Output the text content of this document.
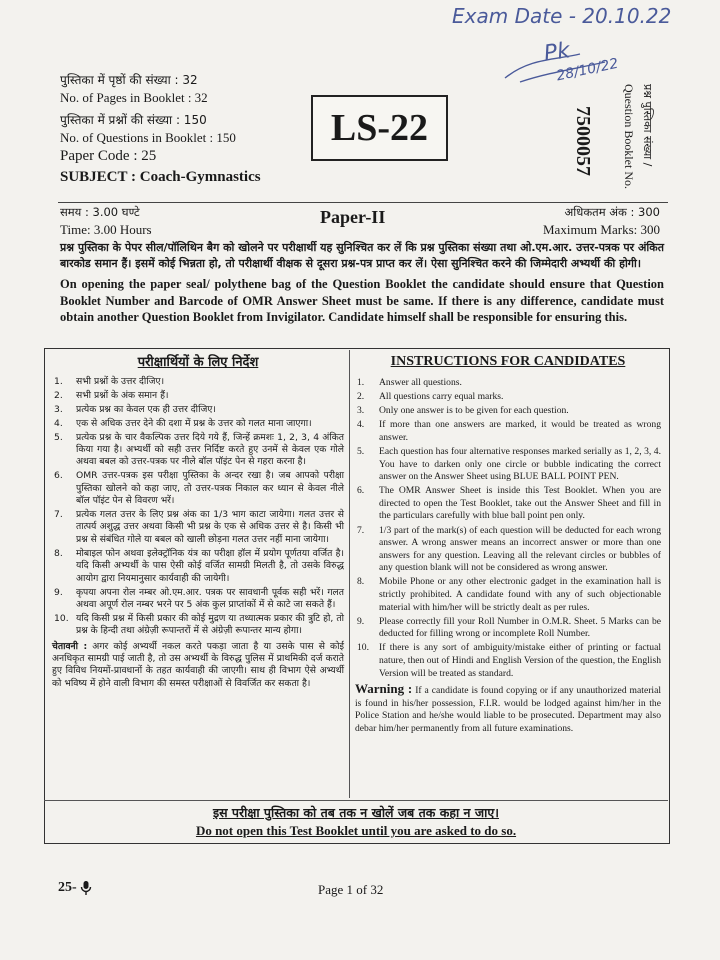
Exam Date - 20.10.22
Pk
28/10/22
पुस्तिका में पृष्ठों की संख्या : 32
No. of Pages in Booklet : 32
पुस्तिका में प्रश्नों की संख्या : 150
No. of Questions in Booklet : 150
Paper Code : 25
SUBJECT : Coach-Gymnastics
LS-22	7500057	प्रश्न पुस्तिका संख्या /
Question Booklet No.
समय : 3.00 घण्टे
Time: 3.00 Hours
Paper-II	अधिकतम अंक : 300
Maximum Marks: 300
प्रश्न पुस्तिका के पेपर सील/पॉलिथिन बैग को खोलने पर परीक्षार्थी यह सुनिश्चित कर लें कि प्रश्न पुस्तिका संख्या तथा ओ.एम.आर. उत्तर-पत्रक पर अंकित बारकोड समान हैं। इसमें कोई भिन्नता हो, तो परीक्षार्थी वीक्षक से दूसरा प्रश्न-पत्र प्राप्त कर लें। ऐसा सुनिश्चित करने की जिम्मेदारी अभ्यर्थी की होगी।
On opening the paper seal/ polythene bag of the Question Booklet the candidate should ensure that Question Booklet Number and Barcode of OMR Answer Sheet must be same. If there is any difference, candidate must obtain another Question Booklet from Invigilator. Candidate himself shall be responsible for ensuring this.
परीक्षार्थियों के लिए निर्देश
1. सभी प्रश्नों के उत्तर दीजिए।
2. सभी प्रश्नों के अंक समान हैं।
3. प्रत्येक प्रश्न का केवल एक ही उत्तर दीजिए।
4. एक से अधिक उत्तर देने की दशा में प्रश्न के उत्तर को गलत माना जाएगा।
5. प्रत्येक प्रश्न के चार वैकल्पिक उत्तर दिये गये हैं, जिन्हें क्रमशः 1, 2, 3, 4 अंकित किया गया है। अभ्यर्थी को सही उत्तर निर्दिष्ट करते हुए उनमें से केवल एक गोले अथवा बबल को उत्तर-पत्रक पर नीले बॉल पॉइंट पेन से गहरा करना है।
6. OMR उत्तर-पत्रक इस परीक्षा पुस्तिका के अन्दर रखा है। जब आपको परीक्षा पुस्तिका खोलने को कहा जाए, तो उत्तर-पत्रक निकाल कर ध्यान से केवल नीले बॉल पॉइंट पेन से विवरण भरें।
7. प्रत्येक गलत उत्तर के लिए प्रश्न अंक का 1/3 भाग काटा जायेगा। गलत उत्तर से तात्पर्य अशुद्ध उत्तर अथवा किसी भी प्रश्न के एक से अधिक उत्तर से है। किसी भी प्रश्न से संबंधित गोले या बबल को खाली छोड़ना गलत उत्तर नहीं माना जायेगा।
8. मोबाइल फोन अथवा इलेक्ट्रॉनिक यंत्र का परीक्षा हॉल में प्रयोग पूर्णतया वर्जित है। यदि किसी अभ्यर्थी के पास ऐसी कोई वर्जित सामग्री मिलती है, तो उसके विरुद्ध आयोग द्वारा नियमानुसार कार्यवाही की जायेगी।
9. कृपया अपना रोल नम्बर ओ.एम.आर. पत्रक पर सावधानी पूर्वक सही भरें। गलत अथवा अपूर्ण रोल नम्बर भरने पर 5 अंक कुल प्राप्तांकों में से काटे जा सकते हैं।
10. यदि किसी प्रश्न में किसी प्रकार की कोई मुद्रण या तथ्यात्मक प्रकार की त्रुटि हो, तो प्रश्न के हिन्दी तथा अंग्रेज़ी रूपान्तरों में से अंग्रेज़ी रूपान्तर मान्य होगा।
चेतावनी : अगर कोई अभ्यर्थी नकल करते पकड़ा जाता है या उसके पास से कोई अनधिकृत सामग्री पाई जाती है, तो उस अभ्यर्थी के विरुद्ध पुलिस में प्राथमिकी दर्ज कराते हुए विविध नियमों-प्रावधानों के तहत कार्यवाही की जाएगी। साथ ही विभाग ऐसे अभ्यर्थी को भविष्य में होने वाली विभाग की समस्त परीक्षाओं से विवर्जित कर सकता है।
INSTRUCTIONS FOR CANDIDATES
1. Answer all questions.
2. All questions carry equal marks.
3. Only one answer is to be given for each question.
4. If more than one answers are marked, it would be treated as wrong answer.
5. Each question has four alternative responses marked serially as 1, 2, 3, 4. You have to darken only one circle or bubble indicating the correct answer on the Answer Sheet using BLUE BALL POINT PEN.
6. The OMR Answer Sheet is inside this Test Booklet. When you are directed to open the Test Booklet, take out the Answer Sheet and fill in the particulars carefully with blue ball point pen only.
7. 1/3 part of the mark(s) of each question will be deducted for each wrong answer. A wrong answer means an incorrect answer or more than one answers for any question. Leaving all the relevant circles or bubbles of any question blank will not be considered as wrong answer.
8. Mobile Phone or any other electronic gadget in the examination hall is strictly prohibited. A candidate found with any of such objectionable material with him/her will be strictly dealt as per rules.
9. Please correctly fill your Roll Number in O.M.R. Sheet. 5 Marks can be deducted for filling wrong or incomplete Roll Number.
10. If there is any sort of ambiguity/mistake either of printing or factual nature, then out of Hindi and English Version of the question, the English Version will be treated as standard.
Warning : If a candidate is found copying or if any unauthorized material is found in his/her possession, F.I.R. would be lodged against him/her in the Police Station and he/she would liable to be prosecuted. Department may also debar him/her permanently from all future examinations.
इस परीक्षा पुस्तिका को तब तक न खोलें जब तक कहा न जाए।
Do not open this Test Booklet until you are asked to do so.
25-	Page 1 of 32
